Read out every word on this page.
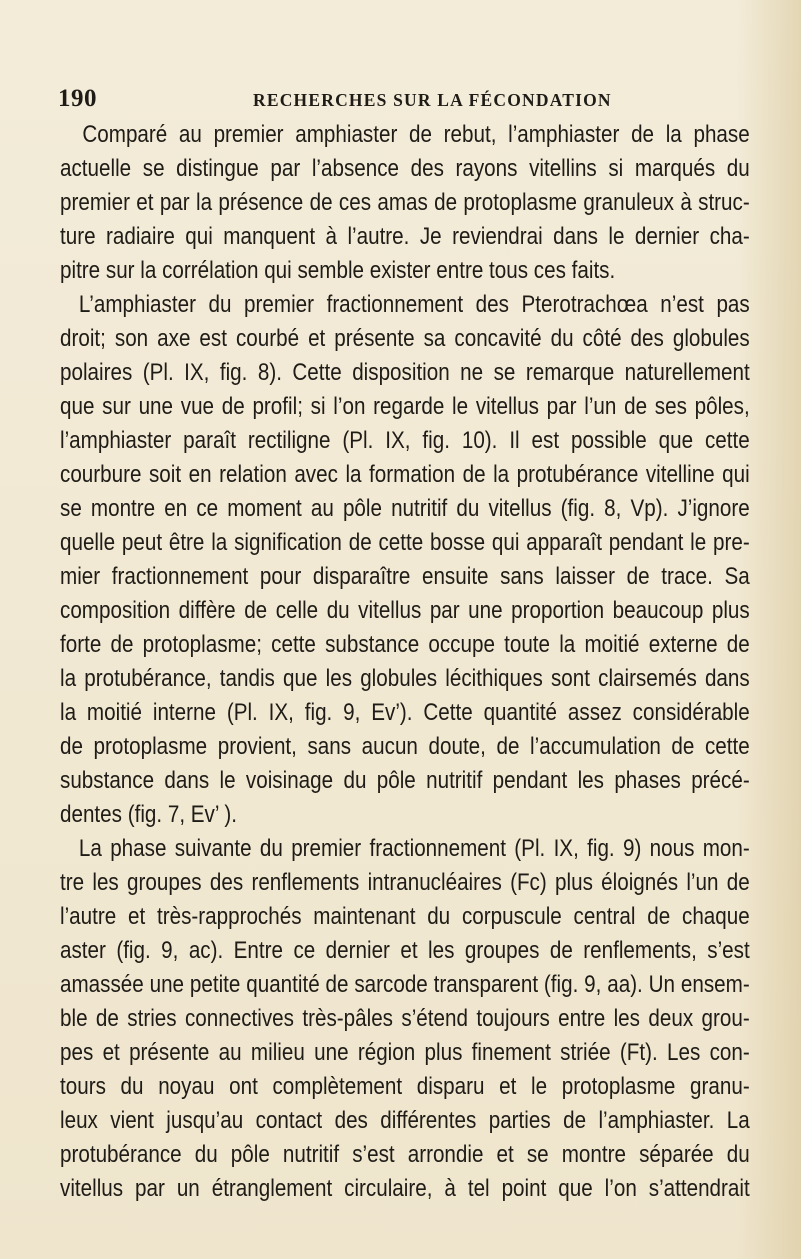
190	RECHERCHES SUR LA FÉCONDATION

Comparé au premier amphiaster de rebut, l’amphiaster de la phase
actuelle se distingue par l’absence des rayons vitellins si marqués du
premier et par la présence de ces amas de protoplasme granuleux à struc-
ture radiaire qui manquent à l’autre. Je reviendrai dans le dernier cha-
pitre sur la corrélation qui semble exister entre tous ces faits.

L’amphiaster du premier fractionnement des Pterotrachœa n’est pas
droit; son axe est courbé et présente sa concavité du côté des globules
polaires (Pl. IX, fig. 8). Cette disposition ne se remarque naturellement
que sur une vue de profil; si l’on regarde le vitellus par l’un de ses pôles,
l’amphiaster paraît rectiligne (Pl. IX, fig. 10). Il est possible que cette
courbure soit en relation avec la formation de la protubérance vitelline qui
se montre en ce moment au pôle nutritif du vitellus (fig. 8, Vp). J’ignore
quelle peut être la signification de cette bosse qui apparaît pendant le pre-
mier fractionnement pour disparaître ensuite sans laisser de trace. Sa
composition diffère de celle du vitellus par une proportion beaucoup plus
forte de protoplasme; cette substance occupe toute la moitié externe de
la protubérance, tandis que les globules lécithiques sont clairsemés dans
la moitié interne (Pl. IX, fig. 9, Ev’). Cette quantité assez considérable
de protoplasme provient, sans aucun doute, de l’accumulation de cette
substance dans le voisinage du pôle nutritif pendant les phases précé-
dentes (fig. 7, Ev’ ).

La phase suivante du premier fractionnement (Pl. IX, fig. 9) nous mon-
tre les groupes des renflements intranucléaires (Fc) plus éloignés l’un de
l’autre et très-rapprochés maintenant du corpuscule central de chaque
aster (fig. 9, ac). Entre ce dernier et les groupes de renflements, s’est
amassée une petite quantité de sarcode transparent (fig. 9, aa). Un ensem-
ble de stries connectives très-pâles s’étend toujours entre les deux grou-
pes et présente au milieu une région plus finement striée (Ft). Les con-
tours du noyau ont complètement disparu et le protoplasme granu-
leux vient jusqu’au contact des différentes parties de l’amphiaster. La
protubérance du pôle nutritif s’est arrondie et se montre séparée du
vitellus par un étranglement circulaire, à tel point que l’on s’attendrait
